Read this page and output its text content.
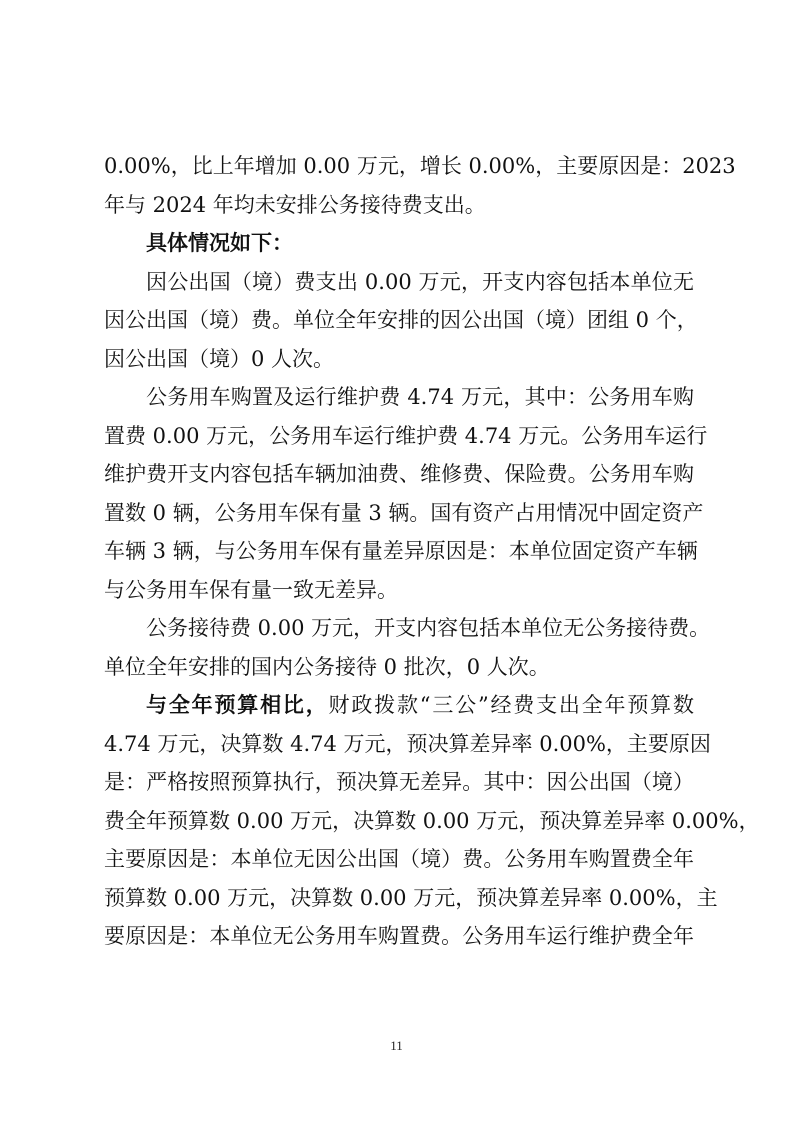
0.00%，比上年增加 0.00 万元，增长 0.00%，主要原因是：2023
年与 2024 年均未安排公务接待费支出。
具体情况如下：
因公出国（境）费支出 0.00 万元，开支内容包括本单位无
因公出国（境）费。单位全年安排的因公出国（境）团组 0 个，
因公出国（境）0 人次。
公务用车购置及运行维护费 4.74 万元，其中：公务用车购
置费 0.00 万元，公务用车运行维护费 4.74 万元。公务用车运行
维护费开支内容包括车辆加油费、维修费、保险费。公务用车购
置数 0 辆，公务用车保有量 3 辆。国有资产占用情况中固定资产
车辆 3 辆，与公务用车保有量差异原因是：本单位固定资产车辆
与公务用车保有量一致无差异。
公务接待费 0.00 万元，开支内容包括本单位无公务接待费。
单位全年安排的国内公务接待 0 批次，0 人次。
与全年预算相比，财政拨款“三公”经费支出全年预算数
4.74 万元，决算数 4.74 万元，预决算差异率 0.00%，主要原因
是：严格按照预算执行，预决算无差异。其中：因公出国（境）
费全年预算数 0.00 万元，决算数 0.00 万元，预决算差异率 0.00%，
主要原因是：本单位无因公出国（境）费。公务用车购置费全年
预算数 0.00 万元，决算数 0.00 万元，预决算差异率 0.00%，主
要原因是：本单位无公务用车购置费。公务用车运行维护费全年
11
